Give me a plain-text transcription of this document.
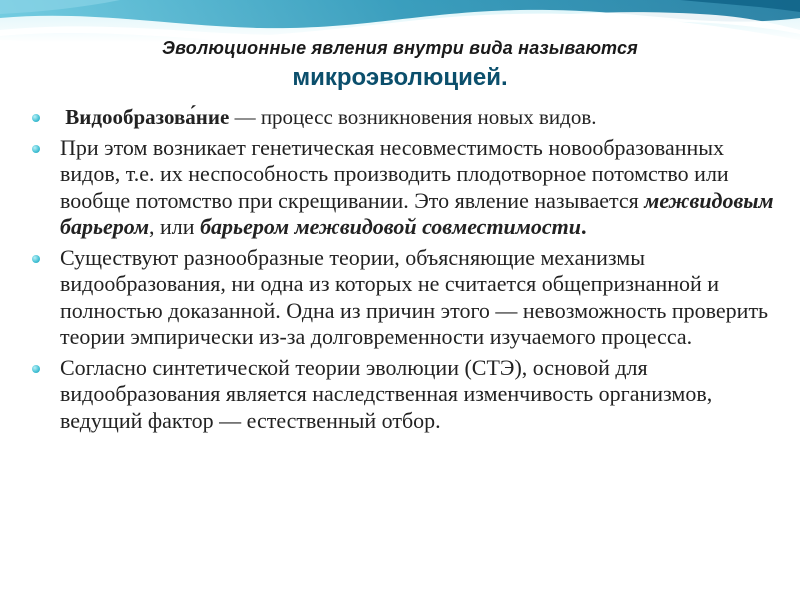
Эволюционные явления внутри вида называются
микроэволюцией.
Видообразова́ние — процесс возникновения новых видов.
При этом возникает генетическая несовместимость новообразованных видов, т.е. их неспособность производить плодотворное потомство или вообще потомство при скрещивании. Это явление называется межвидовым барьером, или барьером межвидовой совместимости.
Существуют разнообразные теории, объясняющие механизмы видообразования, ни одна из которых не считается общепризнанной и полностью доказанной. Одна из причин этого — невозможность проверить теории эмпирически из-за долговременности изучаемого процесса.
Согласно синтетической теории эволюции (СТЭ), основой для видообразования является наследственная изменчивость организмов, ведущий фактор — естественный отбор.
